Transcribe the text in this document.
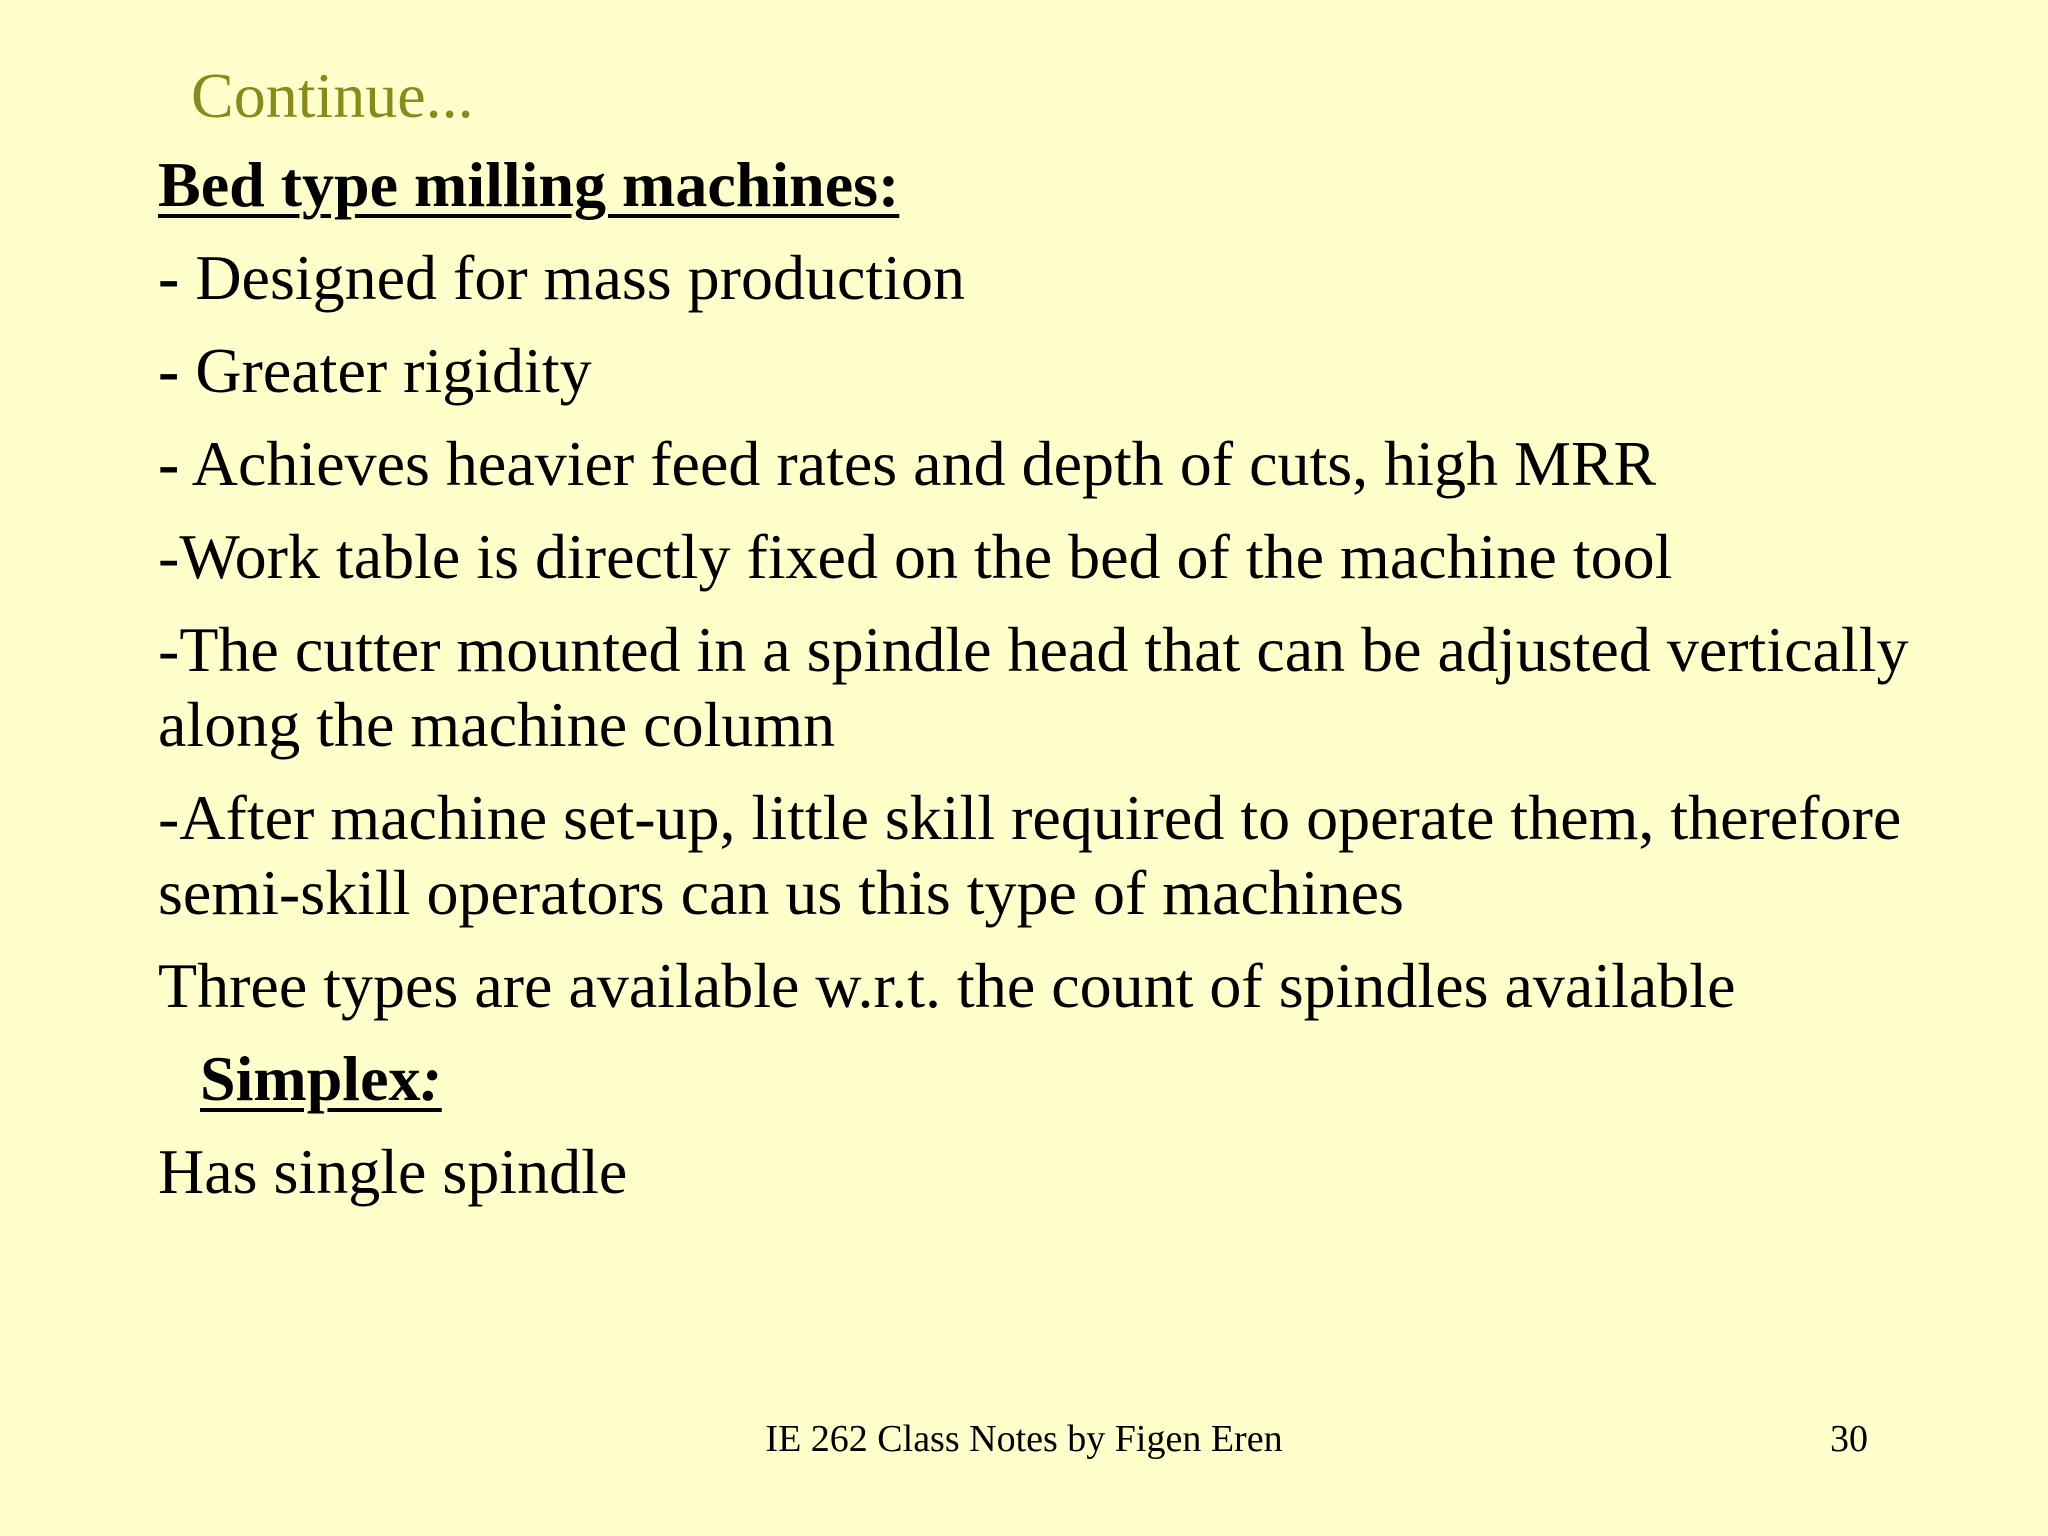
Continue...

Bed type milling machines:

- Designed for mass production

- Greater rigidity

- Achieves heavier feed rates and depth of cuts, high MRR

-Work table is directly fixed on the bed of the machine tool

-The cutter mounted in a spindle head that can be adjusted vertically along the machine column

-After machine set-up, little skill required to operate them, therefore semi-skill operators can us this type of machines

Three types are available w.r.t. the count of spindles available

Simplex:

Has single spindle

IE 262 Class Notes by Figen Eren	30
